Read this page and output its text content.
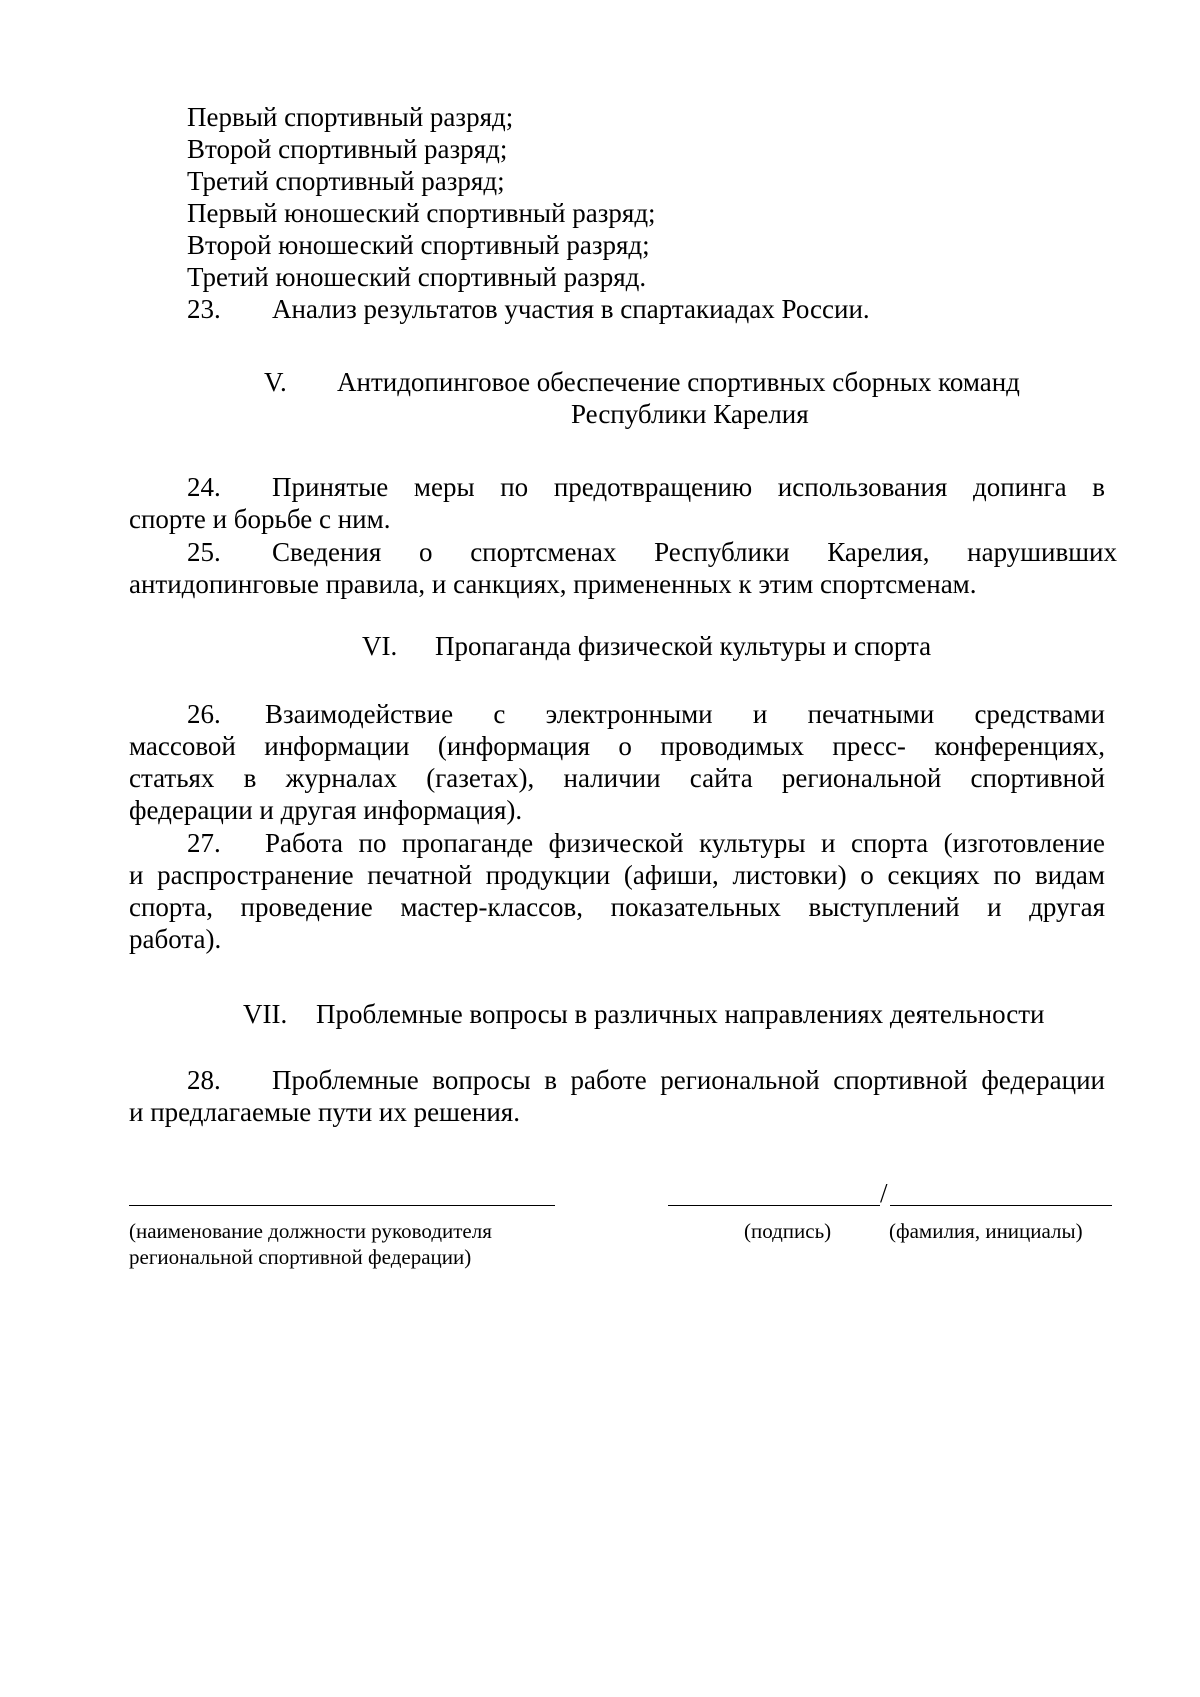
Первый спортивный разряд;

Второй спортивный разряд;

Третий спортивный разряд;

Первый юношеский спортивный разряд;

Второй юношеский спортивный разряд;

Третий юношеский спортивный разряд.

23. Анализ результатов участия в спартакиадах России.

V. Антидопинговое обеспечение спортивных сборных команд

Республики Карелия

24. Принятые меры по предотвращению использования допинга в

спорте и борьбе с ним.

25. Сведения о спортсменах Республики Карелия, нарушивших

антидопинговые правила, и санкциях, примененных к этим спортсменам.

VI. Пропаганда физической культуры и спорта

26. Взаимодействие с электронными и печатными средствами

массовой информации (информация о проводимых пресс- конференциях,

статьях в журналах (газетах), наличии сайта региональной спортивной

федерации и другая информация).

27. Работа по пропаганде физической культуры и спорта (изготовление

и распространение печатной продукции (афиши, листовки) о секциях по видам

спорта, проведение мастер-классов, показательных выступлений и другая

работа).

VII. Проблемные вопросы в различных направлениях деятельности

28. Проблемные вопросы в работе региональной спортивной федерации

и предлагаемые пути их решения.

/
(наименование должности руководителя
региональной спортивной федерации)
(подпись)	(фамилия, инициалы)
